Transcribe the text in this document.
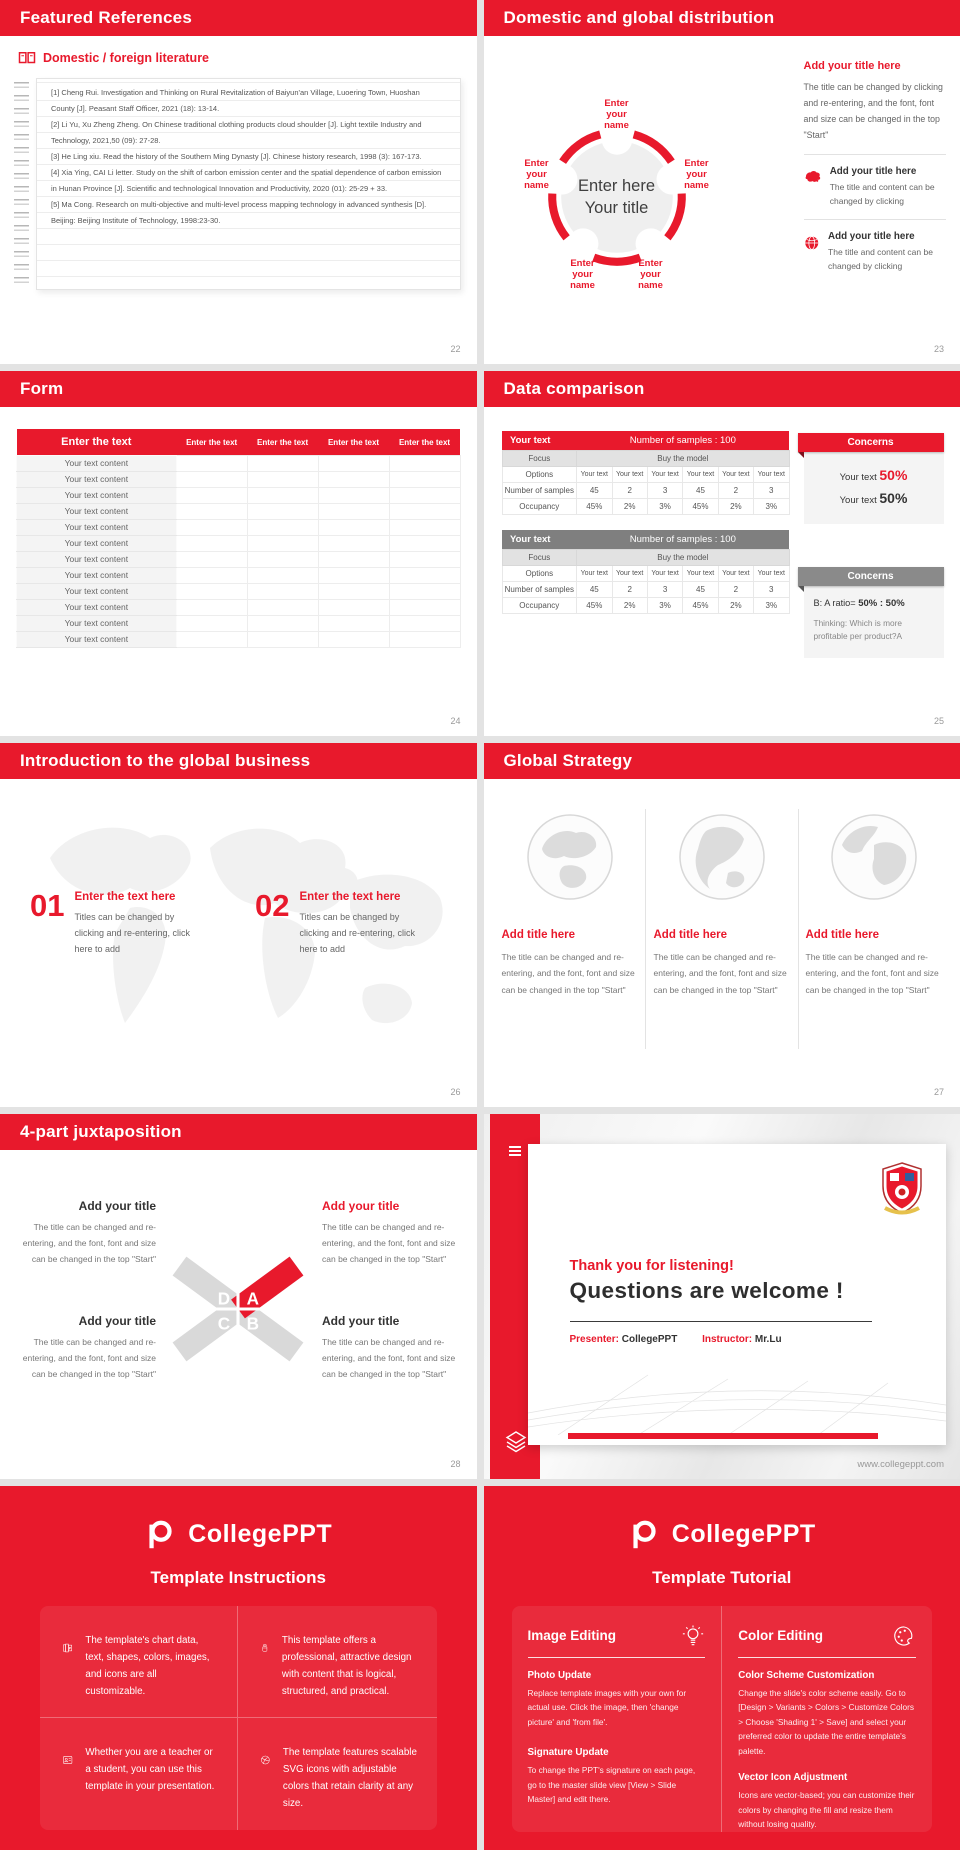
Featured References
Domestic / foreign literature

[1] Cheng Rui. Investigation and Thinking on Rural Revitalization of Baiyun'an Village, Luoering Town, Huoshan County [J]. Peasant Staff Officer, 2021 (18): 13-14.

[2] Li Yu, Xu Zheng Zheng. On Chinese traditional clothing products cloud shoulder [J]. Light textile Industry and Technology, 2021,50 (09): 27-28.

[3] He Ling xiu. Read the history of the Southern Ming Dynasty [J]. Chinese history research, 1998 (3): 167-173.

[4] Xia Ying, CAI Li letter. Study on the shift of carbon emission center and the spatial dependence of carbon emission in Hunan Province [J]. Scientific and technological Innovation and Productivity, 2020 (01): 25-29 + 33.

[5] Ma Cong. Research on multi-objective and multi-level process mapping technology in advanced synthesis [D]. Beijing: Beijing Institute of Technology, 1998:23-30.

22
Domestic and global distribution
Enter your name
Enter your name
Enter your name
Enter your name
Enter your name
Enter here
Your title
Add your title here
The title can be changed by clicking and re-entering, and the font, font and size can be changed in the top "Start"
Add your title here
The title and content can be changed by clicking
Add your title here
The title and content can be changed by clicking
23
Form
Enter the text	Enter the text	Enter the text	Enter the text	Enter the text
Your text content				
Your text content				
Your text content				
Your text content				
Your text content				
Your text content				
Your text content				
Your text content				
Your text content				
Your text content				
Your text content				
Your text content				
24
Data comparison
Your text	Number of samples : 100					
Focus	Buy the model					
Options	Your text	Your text	Your text	Your text	Your text	Your text
Number of samples	45	2	3	45	2	3
Occupancy	45%	2%	3%	45%	2%	3%
Your text	Number of samples : 100					
Focus	Buy the model					
Options	Your text	Your text	Your text	Your text	Your text	Your text
Number of samples	45	2	3	45	2	3
Occupancy	45%	2%	3%	45%	2%	3%
Concerns
Your text 50%
Your text 50%
Concerns
B: A ratio= 50% : 50%
Thinking: Which is more profitable per product?A
25
Introduction to the global business
01 Enter the text here
Titles can be changed by clicking and re-entering, click here to add
02 Enter the text here
Titles can be changed by clicking and re-entering, click here to add
26
Global Strategy
Add title here
The title can be changed and re-entering, and the font, font and size can be changed in the top "Start"
Add title here
The title can be changed and re-entering, and the font, font and size can be changed in the top "Start"
Add title here
The title can be changed and re-entering, and the font, font and size can be changed in the top "Start"
27
4-part juxtaposition
Add your title
The title can be changed and re-entering, and the font, font and size can be changed in the top "Start"
Add your title
The title can be changed and re-entering, and the font, font and size can be changed in the top "Start"
Add your title
The title can be changed and re-entering, and the font, font and size can be changed in the top "Start"
Add your title
The title can be changed and re-entering, and the font, font and size can be changed in the top "Start"
D A
C B
28
Thank you for listening!
Questions are welcome !
Presenter: CollegePPT Instructor: Mr.Lu
www.collegeppt.com
CollegePPT
Template Instructions
P
The template's chart data, text, shapes, colors, images, and icons are all customizable.
This template offers a professional, attractive design with content that is logical, structured, and practical.
Whether you are a teacher or a student, you can use this template in your presentation.
The template features scalable SVG icons with adjustable colors that retain clarity at any size.
CollegePPT
Template Tutorial
Image Editing
Photo Update
Replace template images with your own for actual use. Click the image, then 'change picture' and 'from file'.
Signature Update
To change the PPT's signature on each page, go to the master slide view [View > Slide Master] and edit there.
Color Editing
Color Scheme Customization
Change the slide's color scheme easily. Go to [Design > Variants > Colors > Customize Colors > Choose 'Shading 1' > Save] and select your preferred color to update the entire template's palette.
Vector Icon Adjustment
Icons are vector-based; you can customize their colors by changing the fill and resize them without losing quality.
